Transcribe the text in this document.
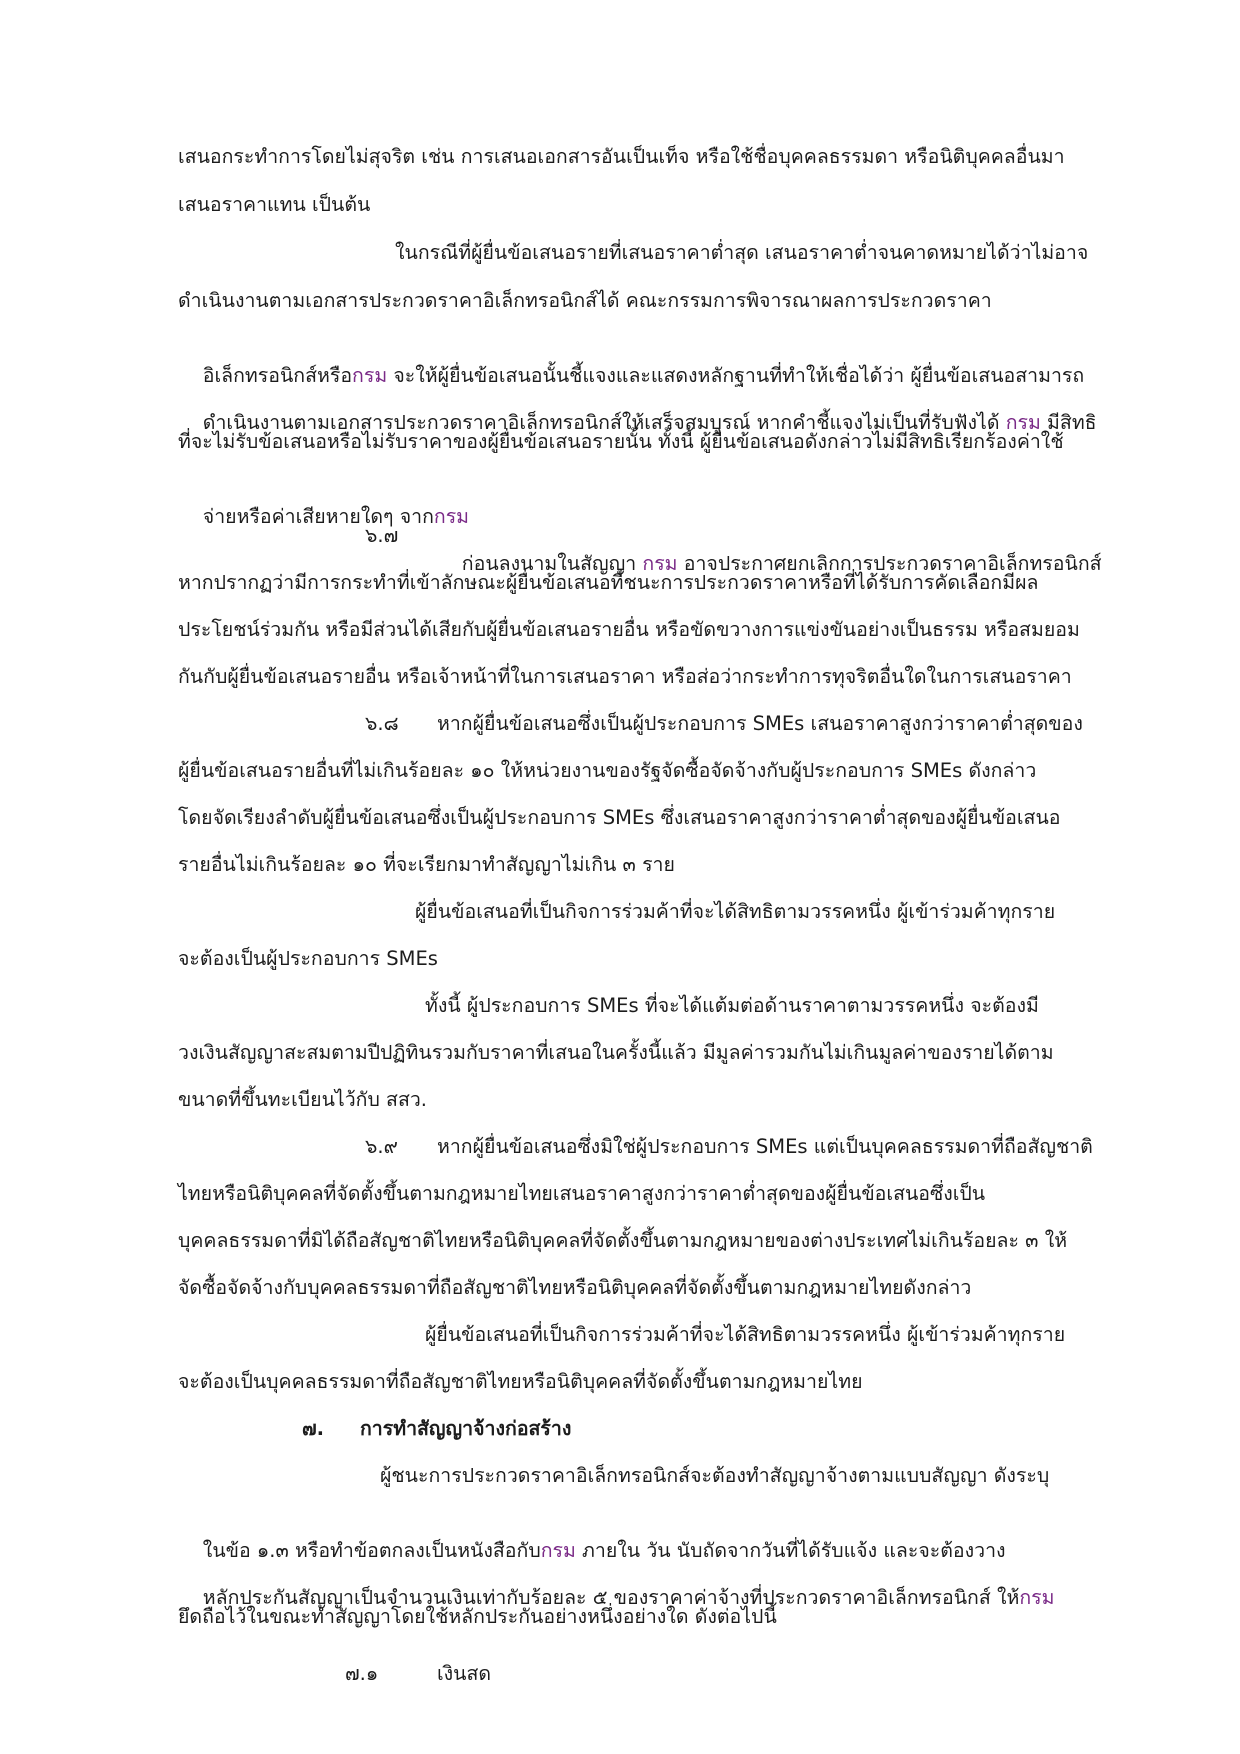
เสนอกระทำการโดยไม่สุจริต เช่น การเสนอเอกสารอันเป็นเท็จ หรือใช้ชื่อบุคคลธรรมดา หรือนิติบุคคลอื่นมา
เสนอราคาแทน เป็นต้น
ในกรณีที่ผู้ยื่นข้อเสนอรายที่เสนอราคาต่ำสุด เสนอราคาต่ำจนคาดหมายได้ว่าไม่อาจ
ดำเนินงานตามเอกสารประกวดราคาอิเล็กทรอนิกส์ได้ คณะกรรมการพิจารณาผลการประกวดราคา

อิเล็กทรอนิกส์หรือกรม จะให้ผู้ยื่นข้อเสนอนั้นชี้แจงและแสดงหลักฐานที่ทำให้เชื่อได้ว่า ผู้ยื่นข้อเสนอสามารถ

ดำเนินงานตามเอกสารประกวดราคาอิเล็กทรอนิกส์ให้เสร็จสมบูรณ์ หากคำชี้แจงไม่เป็นที่รับฟังได้ กรม มีสิทธิ

ที่จะไม่รับข้อเสนอหรือไม่รับราคาของผู้ยื่นข้อเสนอรายนั้น ทั้งนี้ ผู้ยื่นข้อเสนอดังกล่าวไม่มีสิทธิเรียกร้องค่าใช้

จ่ายหรือค่าเสียหายใดๆ จากกรม

๖.๗

ก่อนลงนามในสัญญา กรม อาจประกาศยกเลิกการประกวดราคาอิเล็กทรอนิกส์

หากปรากฏว่ามีการกระทำที่เข้าลักษณะผู้ยื่นข้อเสนอที่ชนะการประกวดราคาหรือที่ได้รับการคัดเลือกมีผล
ประโยชน์ร่วมกัน หรือมีส่วนได้เสียกับผู้ยื่นข้อเสนอรายอื่น หรือขัดขวางการแข่งขันอย่างเป็นธรรม หรือสมยอม
กันกับผู้ยื่นข้อเสนอรายอื่น หรือเจ้าหน้าที่ในการเสนอราคา หรือส่อว่ากระทำการทุจริตอื่นใดในการเสนอราคา
๖.๘	หากผู้ยื่นข้อเสนอซึ่งเป็นผู้ประกอบการ SMEs เสนอราคาสูงกว่าราคาต่ำสุดของ
ผู้ยื่นข้อเสนอรายอื่นที่ไม่เกินร้อยละ ๑๐ ให้หน่วยงานของรัฐจัดซื้อจัดจ้างกับผู้ประกอบการ SMEs ดังกล่าว
โดยจัดเรียงลำดับผู้ยื่นข้อเสนอซึ่งเป็นผู้ประกอบการ SMEs ซึ่งเสนอราคาสูงกว่าราคาต่ำสุดของผู้ยื่นข้อเสนอ
รายอื่นไม่เกินร้อยละ ๑๐ ที่จะเรียกมาทำสัญญาไม่เกิน ๓ ราย
ผู้ยื่นข้อเสนอที่เป็นกิจการร่วมค้าที่จะได้สิทธิตามวรรคหนึ่ง ผู้เข้าร่วมค้าทุกราย
จะต้องเป็นผู้ประกอบการ SMEs
ทั้งนี้ ผู้ประกอบการ SMEs ที่จะได้แต้มต่อด้านราคาตามวรรคหนึ่ง จะต้องมี
วงเงินสัญญาสะสมตามปีปฏิทินรวมกับราคาที่เสนอในครั้งนี้แล้ว มีมูลค่ารวมกันไม่เกินมูลค่าของรายได้ตาม
ขนาดที่ขึ้นทะเบียนไว้กับ สสว.
๖.๙	หากผู้ยื่นข้อเสนอซึ่งมิใช่ผู้ประกอบการ SMEs แต่เป็นบุคคลธรรมดาที่ถือสัญชาติ
ไทยหรือนิติบุคคลที่จัดตั้งขึ้นตามกฎหมายไทยเสนอราคาสูงกว่าราคาต่ำสุดของผู้ยื่นข้อเสนอซึ่งเป็น
บุคคลธรรมดาที่มิได้ถือสัญชาติไทยหรือนิติบุคคลที่จัดตั้งขึ้นตามกฎหมายของต่างประเทศไม่เกินร้อยละ ๓ ให้
จัดซื้อจัดจ้างกับบุคคลธรรมดาที่ถือสัญชาติไทยหรือนิติบุคคลที่จัดตั้งขึ้นตามกฎหมายไทยดังกล่าว
ผู้ยื่นข้อเสนอที่เป็นกิจการร่วมค้าที่จะได้สิทธิตามวรรคหนึ่ง ผู้เข้าร่วมค้าทุกราย
จะต้องเป็นบุคคลธรรมดาที่ถือสัญชาติไทยหรือนิติบุคคลที่จัดตั้งขึ้นตามกฎหมายไทย
๗.	การทำสัญญาจ้างก่อสร้าง
ผู้ชนะการประกวดราคาอิเล็กทรอนิกส์จะต้องทำสัญญาจ้างตามแบบสัญญา ดังระบุ

ในข้อ ๑.๓ หรือทำข้อตกลงเป็นหนังสือกับกรม ภายใน วัน นับถัดจากวันที่ได้รับแจ้ง และจะต้องวาง

หลักประกันสัญญาเป็นจำนวนเงินเท่ากับร้อยละ ๕ ของราคาค่าจ้างที่ประกวดราคาอิเล็กทรอนิกส์ ให้กรม

ยึดถือไว้ในขณะทำสัญญาโดยใช้หลักประกันอย่างหนึ่งอย่างใด ดังต่อไปนี้
๗.๑	เงินสด
